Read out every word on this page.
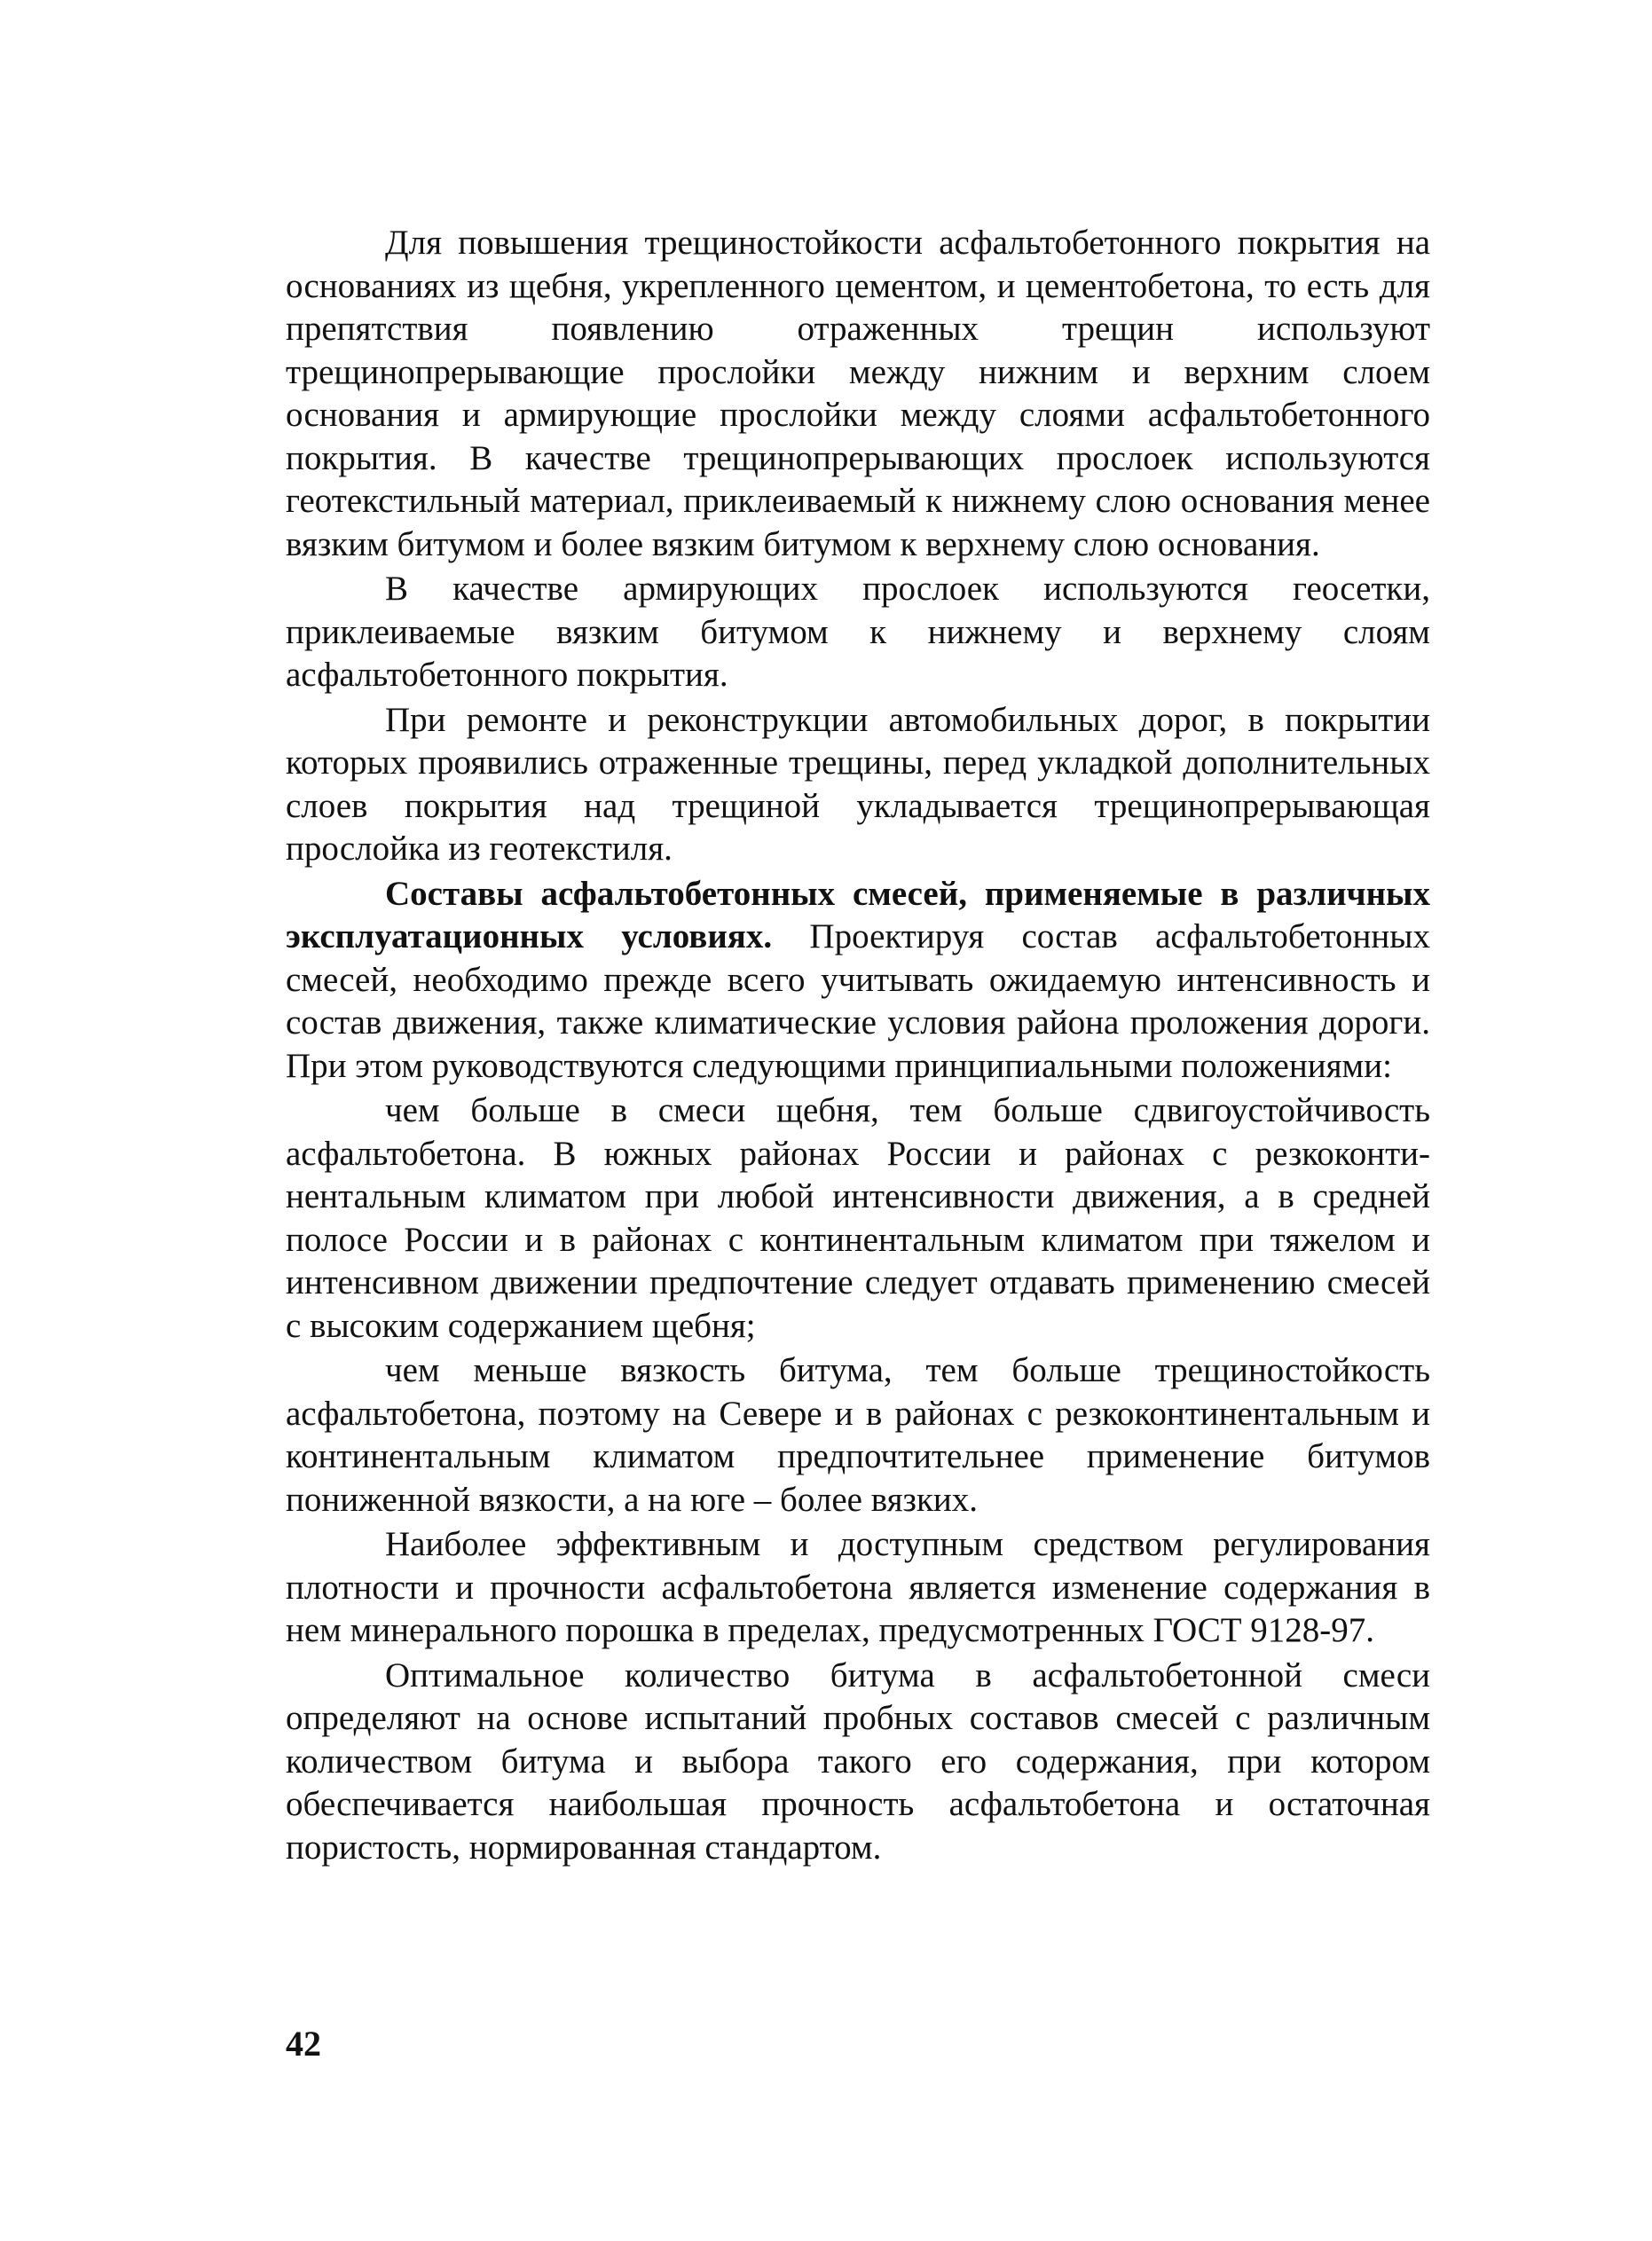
Для повышения трещиностойкости асфальтобетонного покрытия на основаниях из щебня, укрепленного цементом, и цементобетона, то есть для препятствия появлению отраженных трещин используют трещинопрерывающие прослойки между нижним и верхним слоем основания и армирующие прослойки между слоями асфальтобетонного покрытия. В качестве трещинопрерывающих прослоек используются геотекстильный материал, приклеиваемый к нижнему слою основания менее вязким битумом и более вязким битумом к верхнему слою основания.

В качестве армирующих прослоек используются геосетки, приклеиваемые вязким битумом к нижнему и верхнему слоям асфальтобетонного покрытия.

При ремонте и реконструкции автомобильных дорог, в покрытии которых проявились отраженные трещины, перед укладкой дополнительных слоев покрытия над трещиной укладывается трещинопрерывающая прослойка из геотекстиля.

Составы асфальтобетонных смесей, применяемые в различных эксплуатационных условиях. Проектируя состав асфальтобетонных смесей, необходимо прежде всего учитывать ожидаемую интенсивность и состав движения, также климатические условия района проложения дороги. При этом руководствуются следующими принципиальными положениями:

чем больше в смеси щебня, тем больше сдвигоустойчивость асфальтобетона. В южных районах России и районах с резкоконтинентальным климатом при любой интенсивности движения, а в средней полосе России и в районах с континентальным климатом при тяжелом и интенсивном движении предпочтение следует отдавать применению смесей с высоким содержанием щебня;

чем меньше вязкость битума, тем больше трещиностойкость асфальтобетона, поэтому на Севере и в районах с резкоконтинентальным и континентальным климатом предпочтительнее применение битумов пониженной вязкости, а на юге – более вязких.

Наиболее эффективным и доступным средством регулирования плотности и прочности асфальтобетона является изменение содержания в нем минерального порошка в пределах, предусмотренных ГОСТ 9128-97.

Оптимальное количество битума в асфальтобетонной смеси определяют на основе испытаний пробных составов смесей с различным количеством битума и выбора такого его содержания, при котором обеспечивается наибольшая прочность асфальтобетона и остаточная пористость, нормированная стандартом.

42
